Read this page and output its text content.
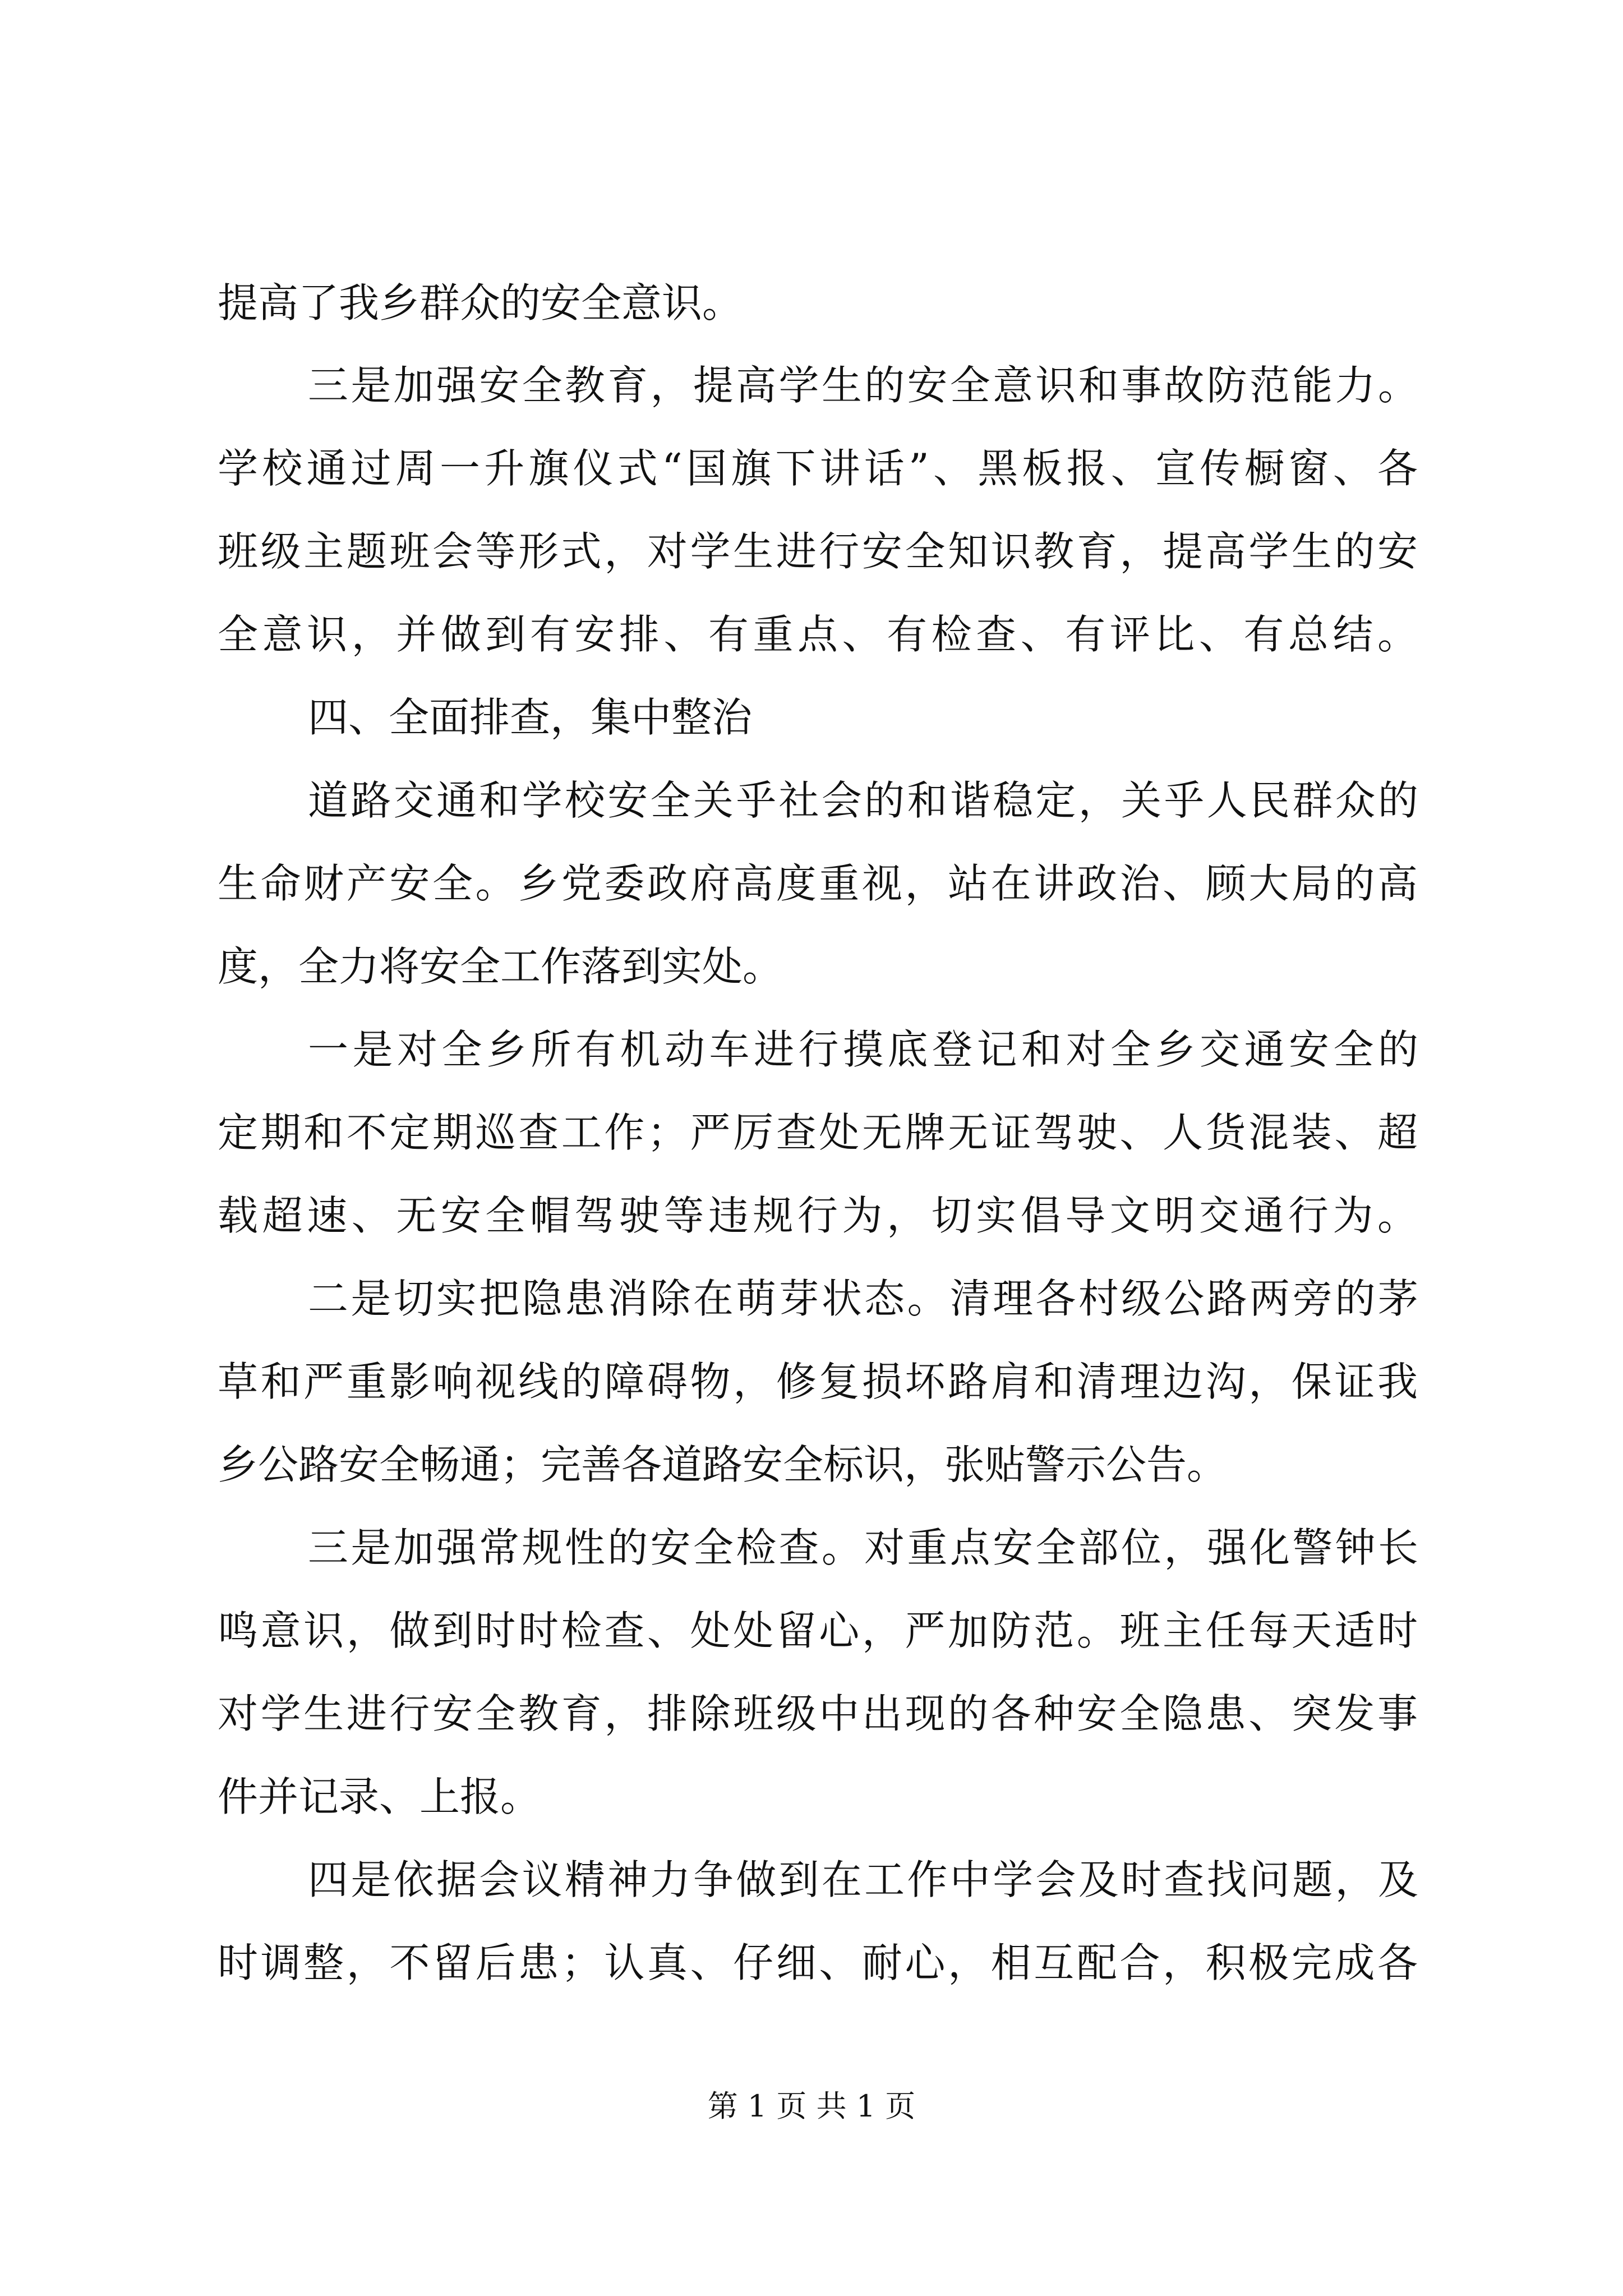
提高了我乡群众的安全意识。
三是加强安全教育，提高学生的安全意识和事故防范能力。
学校通过周一升旗仪式“国旗下讲话”、黑板报、宣传橱窗、各
班级主题班会等形式，对学生进行安全知识教育，提高学生的安
全意识，并做到有安排、有重点、有检查、有评比、有总结。
四、全面排查，集中整治
道路交通和学校安全关乎社会的和谐稳定，关乎人民群众的
生命财产安全。乡党委政府高度重视，站在讲政治、顾大局的高
度，全力将安全工作落到实处。
一是对全乡所有机动车进行摸底登记和对全乡交通安全的
定期和不定期巡查工作；严厉查处无牌无证驾驶、人货混装、超
载超速、无安全帽驾驶等违规行为，切实倡导文明交通行为。
二是切实把隐患消除在萌芽状态。清理各村级公路两旁的茅
草和严重影响视线的障碍物，修复损坏路肩和清理边沟，保证我
乡公路安全畅通；完善各道路安全标识，张贴警示公告。
三是加强常规性的安全检查。对重点安全部位，强化警钟长
鸣意识，做到时时检查、处处留心，严加防范。班主任每天适时
对学生进行安全教育，排除班级中出现的各种安全隐患、突发事
件并记录、上报。
四是依据会议精神力争做到在工作中学会及时查找问题，及
时调整，不留后患；认真、仔细、耐心，相互配合，积极完成各
第 1 页 共 1 页
